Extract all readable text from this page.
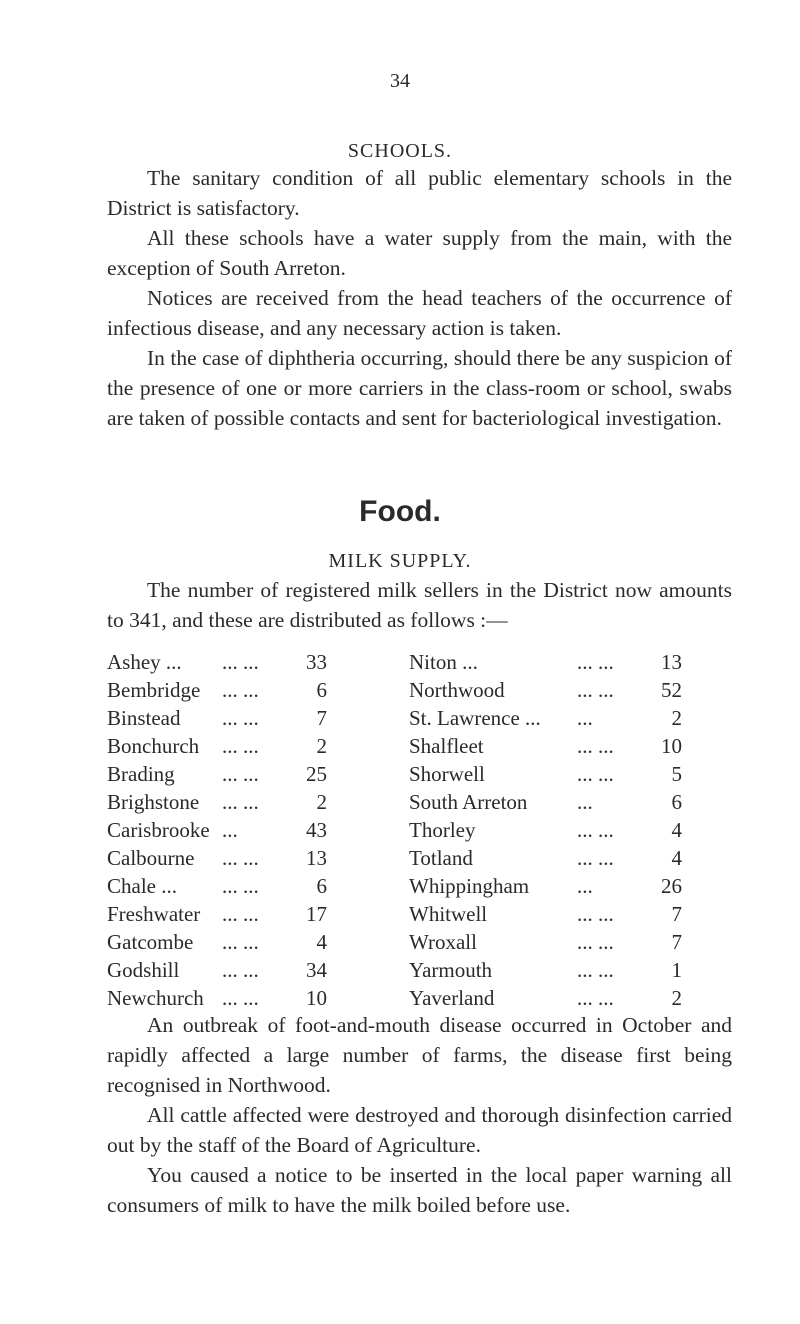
34
SCHOOLS.

The sanitary condition of all public elementary schools in the District is satisfactory.

All these schools have a water supply from the main, with the exception of South Arreton.

Notices are received from the head teachers of the occurrence of infectious disease, and any necessary action is taken.

In the case of diphtheria occurring, should there be any suspicion of the presence of one or more carriers in the class-room or school, swabs are taken of possible contacts and sent for bacteriological investigation.

Food.
MILK SUPPLY.

The number of registered milk sellers in the District now amounts to 341, and these are distributed as follows :—

Ashey ... ... ...	33	Niton ...	... ...	13
Bembridge ... ...	6	Northwood	... ...	52
Binstead ... ...	7	St. Lawrence ... ...	2
Bonchurch ... ...	2	Shalfleet	... ...	10
Brading ... ...	25	Shorwell	... ...	5
Brighstone ... ...	2	South Arreton ...	6
Carisbrooke ...	43	Thorley	... ...	4
Calbourne ... ...	13	Totland	... ...	4
Chale ... ... ...	6	Whippingham ...	26
Freshwater ... ...	17	Whitwell	... ...	7
Gatcombe ... ...	4	Wroxall	... ...	7
Godshill ... ...	34	Yarmouth	... ...	1
Newchurch ... ...	10	Yaverland	... ...	2

An outbreak of foot-and-mouth disease occurred in October and rapidly affected a large number of farms, the disease first being recognised in Northwood.

All cattle affected were destroyed and thorough disinfection carried out by the staff of the Board of Agriculture.

You caused a notice to be inserted in the local paper warning all consumers of milk to have the milk boiled before use.
